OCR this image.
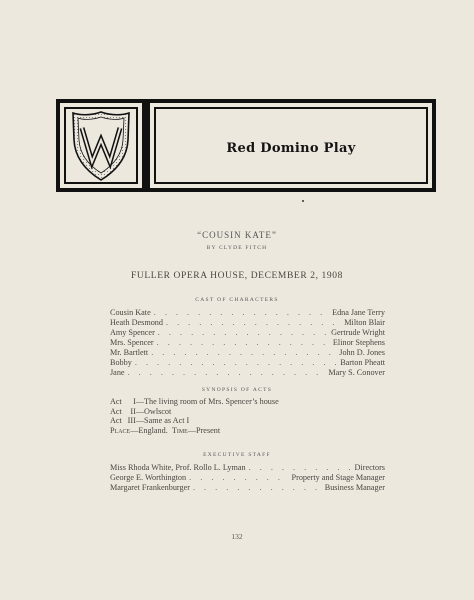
Red Domino Play
“COUSIN KATE”
BY CLYDE FITCH
FULLER OPERA HOUSE, DECEMBER 2, 1908
CAST OF CHARACTERS
Cousin Kate . . .	Edna Jane Terry
Heath Desmond . . .	Milton Blair
Amy Spencer . . .	Gertrude Wright
Mrs. Spencer . . .	Elinor Stephens
Mr. Bartlett . . .	John D. Jones
Bobby . . .	Barton Pheatt
Jane . . .	Mary S. Conover
SYNOPSIS OF ACTS
Act I—The living room of Mrs. Spencer’s house
Act II—Owlscot
Act III—Same as Act I
Place—England. Time—Present
EXECUTIVE STAFF
Miss Rhoda White, Prof. Rollo L. Lyman . . .	Directors
George E. Worthington . . .	Property and Stage Manager
Margaret Frankenburger . . .	Business Manager
132
